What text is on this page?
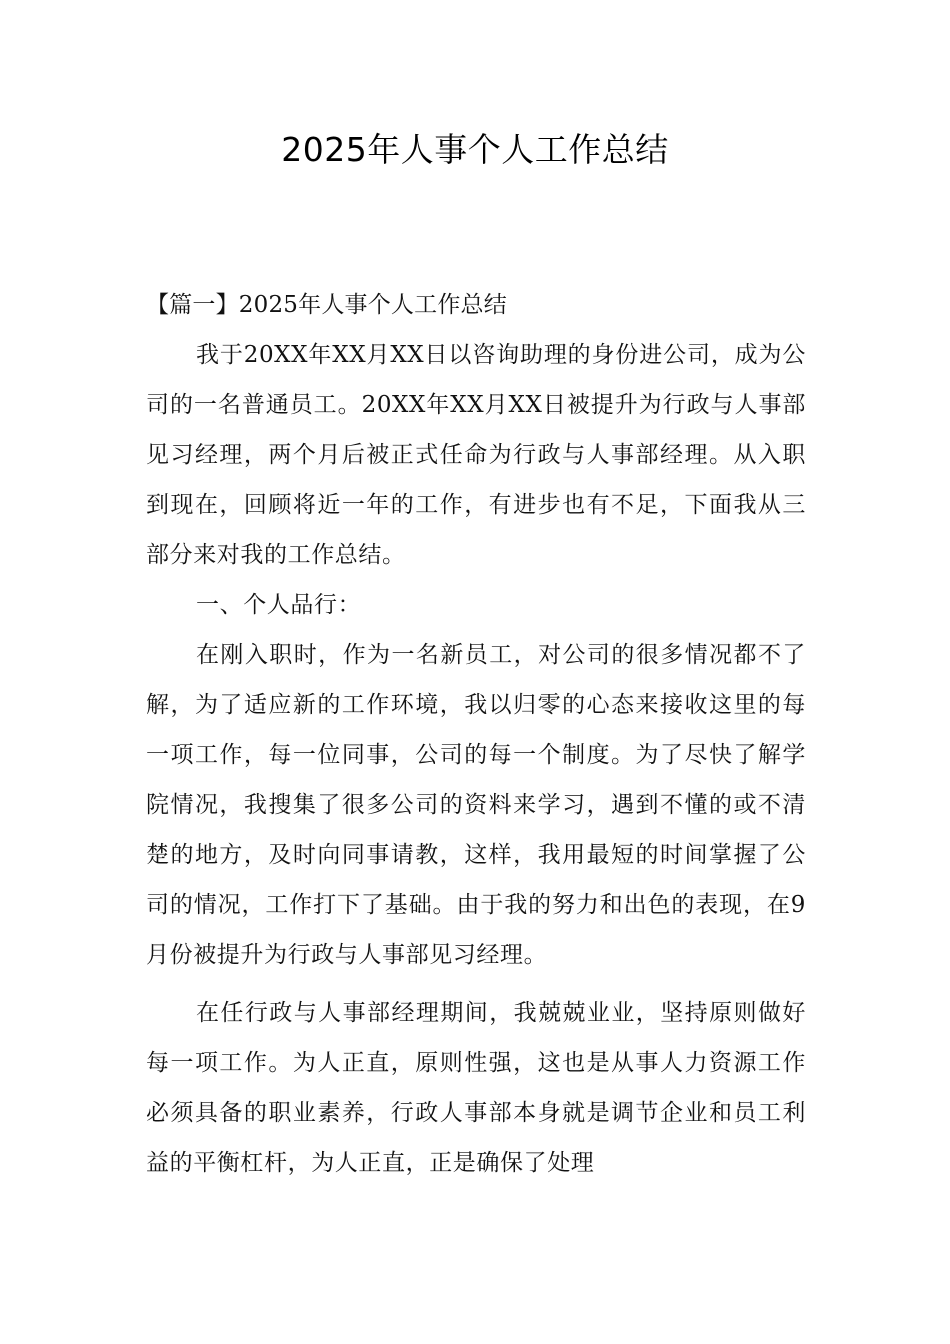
2025年人事个人工作总结

【篇一】2025年人事个人工作总结

我于20XX年XX月XX日以咨询助理的身份进公司，成为公司的一名普通员工。20XX年XX月XX日被提升为行政与人事部见习经理，两个月后被正式任命为行政与人事部经理。从入职到现在，回顾将近一年的工作，有进步也有不足，下面我从三部分来对我的工作总结。

一、个人品行：

在刚入职时，作为一名新员工，对公司的很多情况都不了解，为了适应新的工作环境，我以归零的心态来接收这里的每一项工作，每一位同事，公司的每一个制度。为了尽快了解学院情况，我搜集了很多公司的资料来学习，遇到不懂的或不清楚的地方，及时向同事请教，这样，我用最短的时间掌握了公司的情况，工作打下了基础。由于我的努力和出色的表现，在9月份被提升为行政与人事部见习经理。

在任行政与人事部经理期间，我兢兢业业，坚持原则做好每一项工作。为人正直，原则性强，这也是从事人力资源工作必须具备的职业素养，行政人事部本身就是调节企业和员工利益的平衡杠杆，为人正直，正是确保了处理
